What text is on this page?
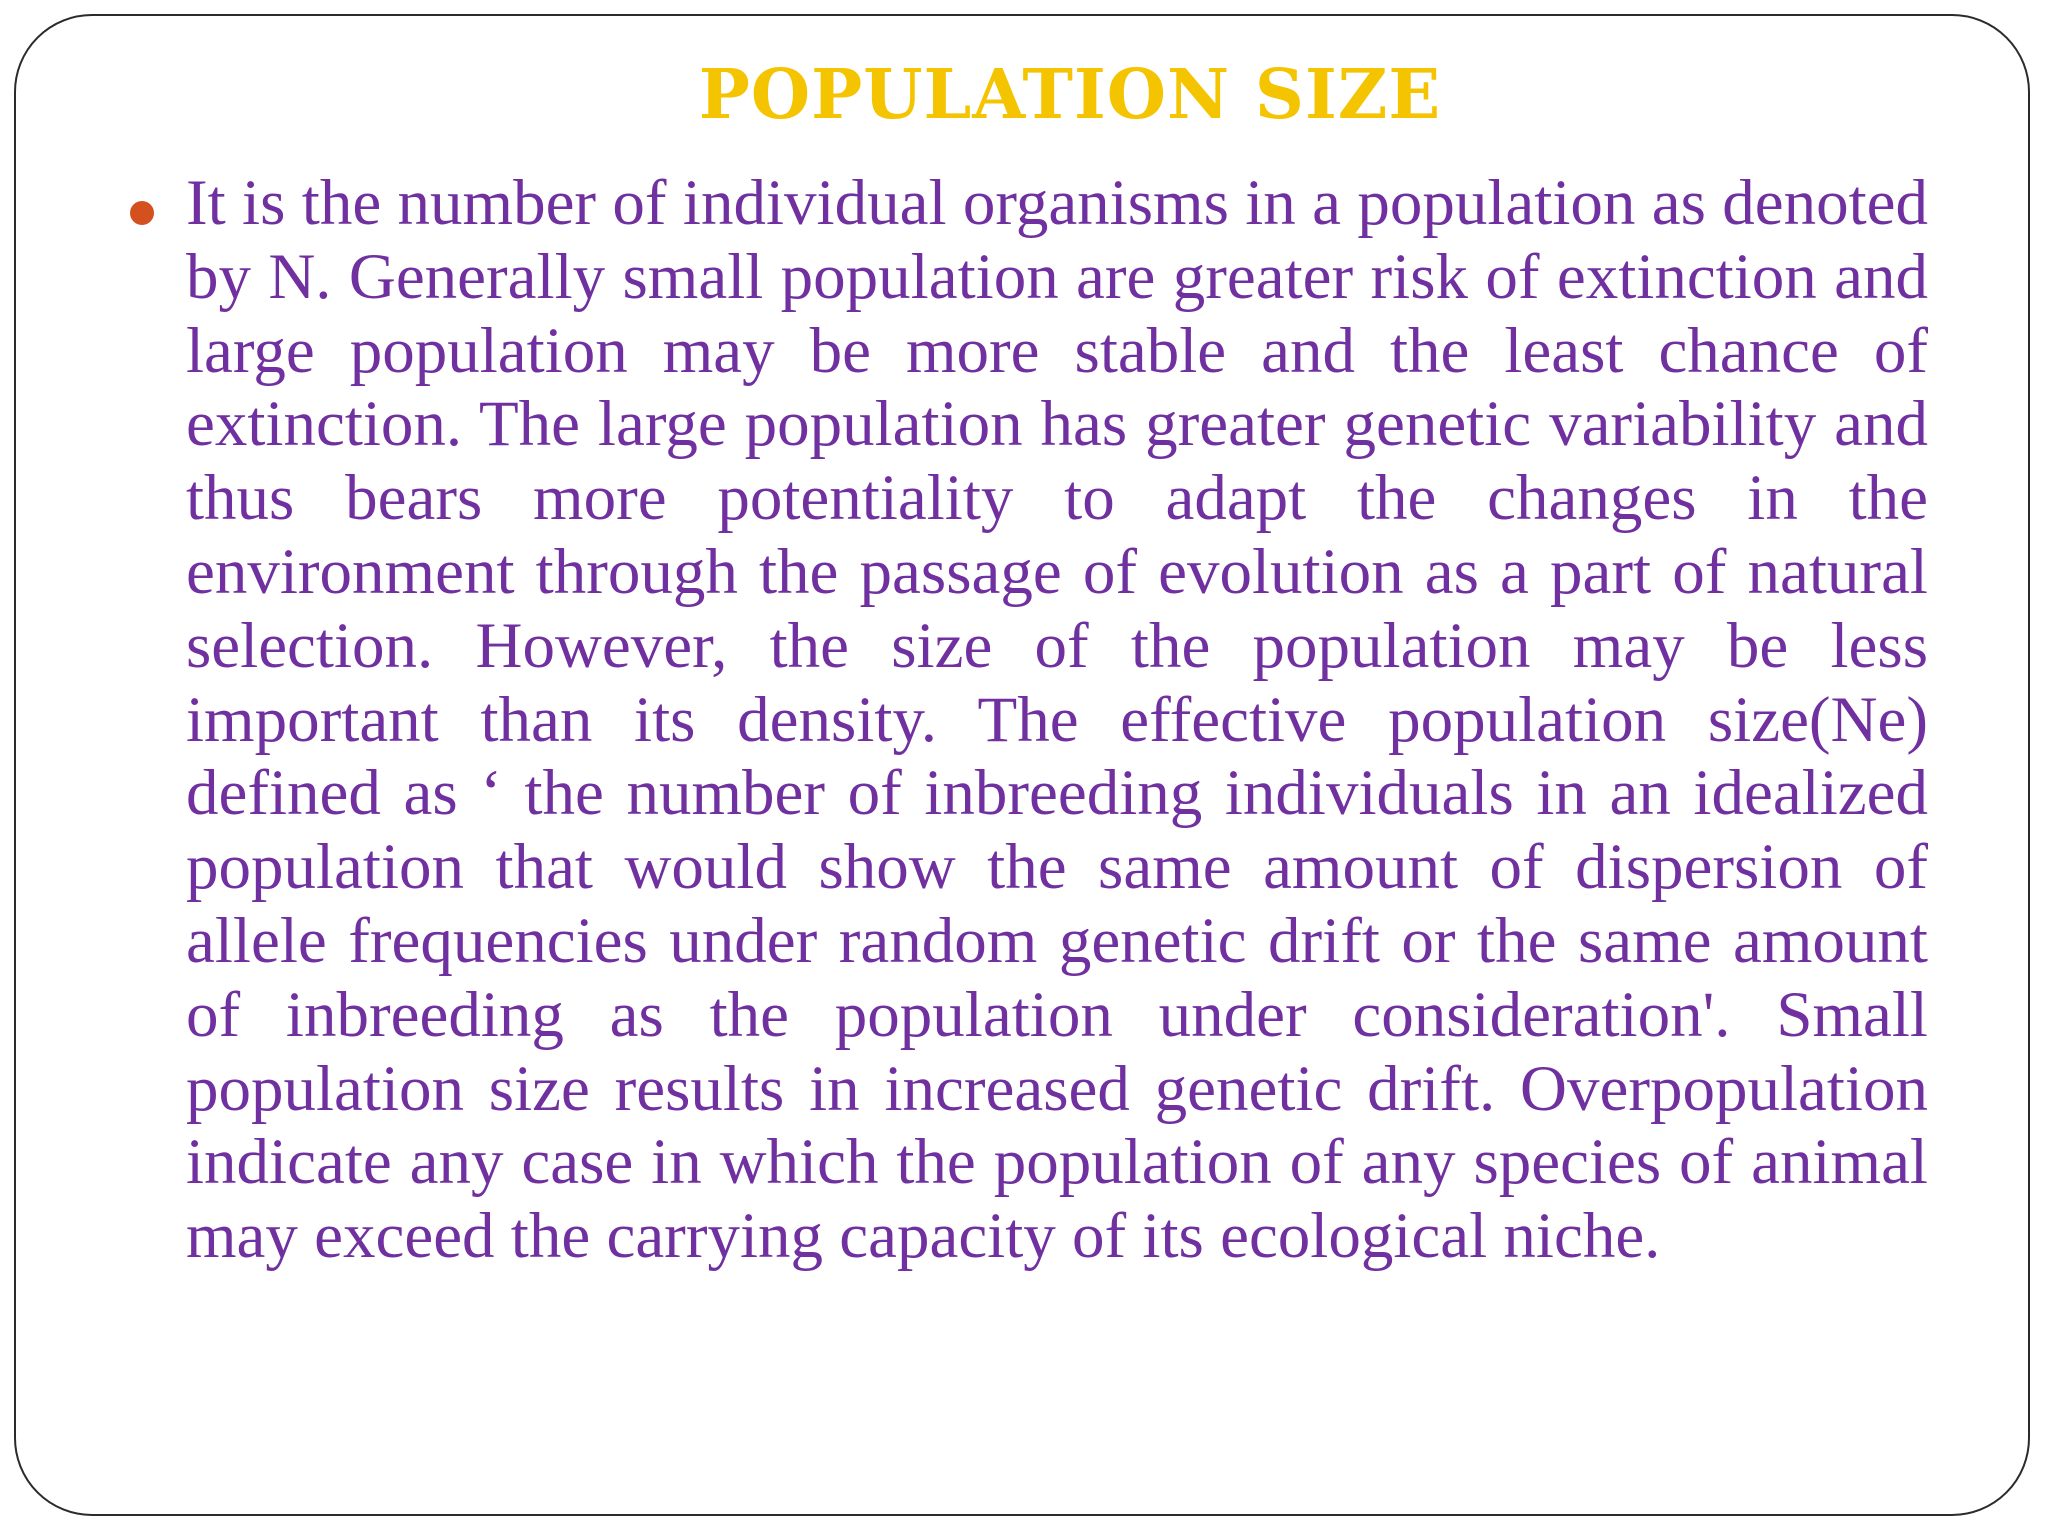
POPULATION SIZE

It is the number of individual organisms in a population as denoted by N. Generally small population are greater risk of extinction and large population may be more stable and the least chance of extinction. The large population has greater genetic variability and thus bears more potentiality to adapt the changes in the environment through the passage of evolution as a part of natural selection. However, the size of the population may be less important than its density. The effective population size(Ne) defined as ‘ the number of inbreeding individuals in an idealized population that would show the same amount of dispersion of allele frequencies under random genetic drift or the same amount of inbreeding as the population under consideration'. Small population size results in increased genetic drift. Overpopulation indicate any case in which the population of any species of animal may exceed the carrying capacity of its ecological niche.
